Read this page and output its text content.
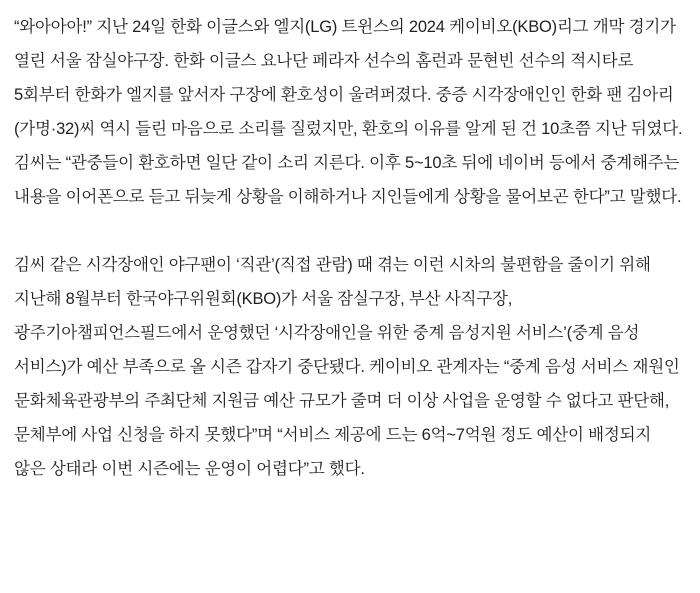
“와아아아!” 지난 24일 한화 이글스와 엘지(LG) 트윈스의 2024 케이비오(KBO)리그 개막 경기가 열린 서울 잠실야구장. 한화 이글스 요나단 페라자 선수의 홈런과 문현빈 선수의 적시타로 5회부터 한화가 엘지를 앞서자 구장에 환호성이 울려퍼졌다. 중증 시각장애인인 한화 팬 김아리(가명·32)씨 역시 들린 마음으로 소리를 질렀지만, 환호의 이유를 알게 된 건 10초쯤 지난 뒤였다. 김씨는 “관중들이 환호하면 일단 같이 소리 지른다. 이후 5~10초 뒤에 네이버 등에서 중계해주는 내용을 이어폰으로 듣고 뒤늦게 상황을 이해하거나 지인들에게 상황을 물어보곤 한다”고 말했다.

김씨 같은 시각장애인 야구팬이 ‘직관’(직접 관람) 때 겪는 이런 시차의 불편함을 줄이기 위해 지난해 8월부터 한국야구위원회(KBO)가 서울 잠실구장, 부산 사직구장, 광주기아챔피언스필드에서 운영했던 ‘시각장애인을 위한 중계 음성지원 서비스’(중계 음성 서비스)가 예산 부족으로 올 시즌 갑자기 중단됐다. 케이비오 관계자는 “중계 음성 서비스 재원인 문화체육관광부의 주최단체 지원금 예산 규모가 줄며 더 이상 사업을 운영할 수 없다고 판단해, 문체부에 사업 신청을 하지 못했다”며 “서비스 제공에 드는 6억~7억원 정도 예산이 배정되지 않은 상태라 이번 시즌에는 운영이 어렵다”고 했다.
